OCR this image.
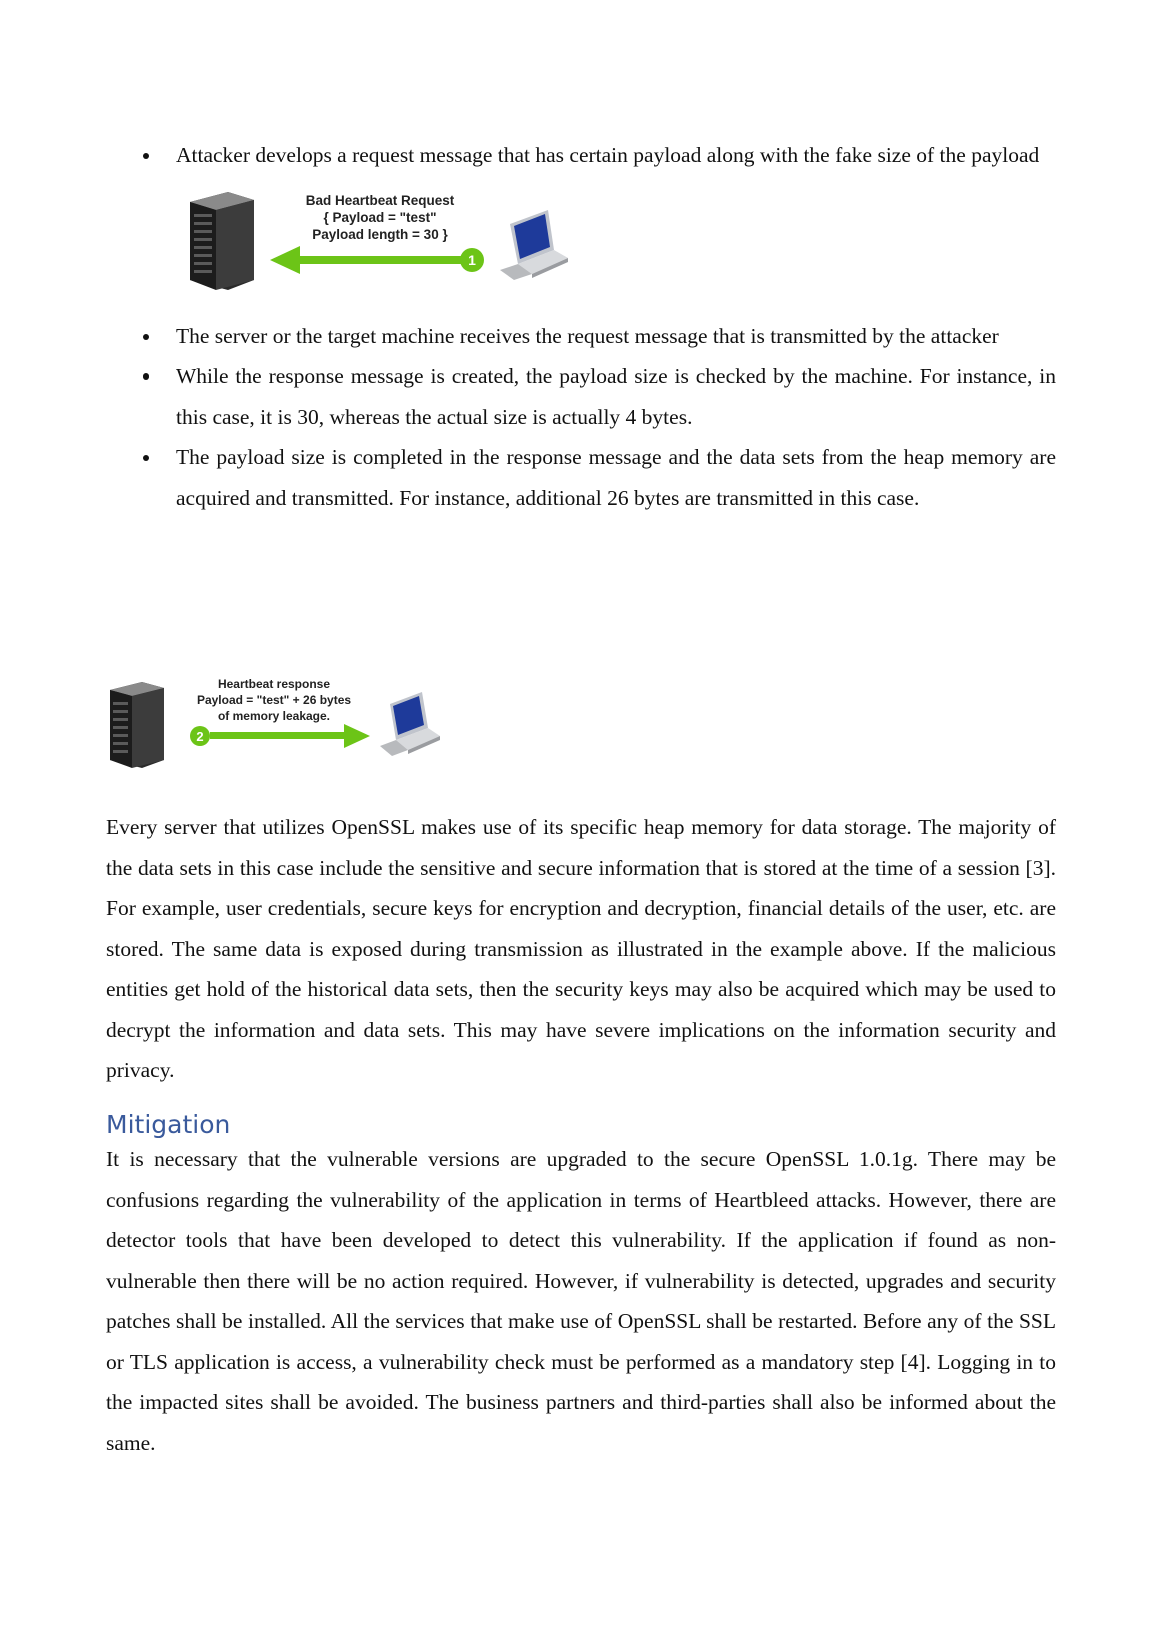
Attacker develops a request message that has certain payload along with the fake size of the payload
Bad Heartbeat Request
{ Payload = "test"
Payload length = 30 }
1
The server or the target machine receives the request message that is transmitted by the attacker
While the response message is created, the payload size is checked by the machine. For instance, in this case, it is 30, whereas the actual size is actually 4 bytes.
The payload size is completed in the response message and the data sets from the heap memory are acquired and transmitted. For instance, additional 26 bytes are transmitted in this case.
Heartbeat response
Payload = "test" + 26 bytes
of memory leakage.
2

Every server that utilizes OpenSSL makes use of its specific heap memory for data storage. The majority of the data sets in this case include the sensitive and secure information that is stored at the time of a session [3]. For example, user credentials, secure keys for encryption and decryption, financial details of the user, etc. are stored. The same data is exposed during transmission as illustrated in the example above. If the malicious entities get hold of the historical data sets, then the security keys may also be acquired which may be used to decrypt the information and data sets. This may have severe implications on the information security and privacy.

Mitigation

It is necessary that the vulnerable versions are upgraded to the secure OpenSSL 1.0.1g. There may be confusions regarding the vulnerability of the application in terms of Heartbleed attacks. However, there are detector tools that have been developed to detect this vulnerability. If the application if found as non-vulnerable then there will be no action required. However, if vulnerability is detected, upgrades and security patches shall be installed. All the services that make use of OpenSSL shall be restarted. Before any of the SSL or TLS application is access, a vulnerability check must be performed as a mandatory step [4]. Logging in to the impacted sites shall be avoided. The business partners and third-parties shall also be informed about the same.
